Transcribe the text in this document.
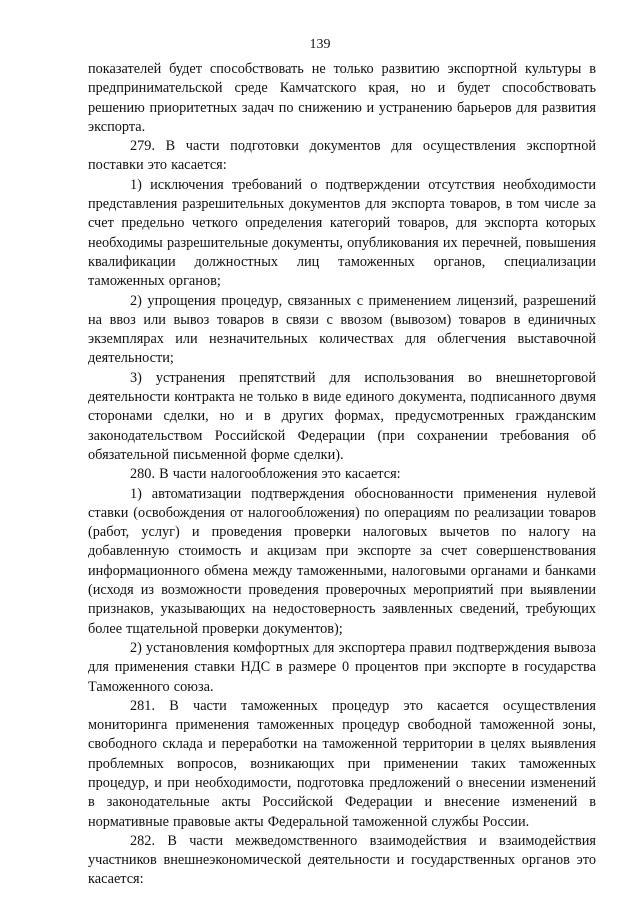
139

показателей будет способствовать не только развитию экспортной культуры в предпринимательской среде Камчатского края, но и будет способствовать решению приоритетных задач по снижению и устранению барьеров для развития экспорта.

279. В части подготовки документов для осуществления экспортной поставки это касается:

1) исключения требований о подтверждении отсутствия необходимости представления разрешительных документов для экспорта товаров, в том числе за счет предельно четкого определения категорий товаров, для экспорта которых необходимы разрешительные документы, опубликования их перечней, повышения квалификации должностных лиц таможенных органов, специализации таможенных органов;

2) упрощения процедур, связанных с применением лицензий, разрешений на ввоз или вывоз товаров в связи с ввозом (вывозом) товаров в единичных экземплярах или незначительных количествах для облегчения выставочной деятельности;

3) устранения препятствий для использования во внешнеторговой деятельности контракта не только в виде единого документа, подписанного двумя сторонами сделки, но и в других формах, предусмотренных гражданским законодательством Российской Федерации (при сохранении требования об обязательной письменной форме сделки).

280. В части налогообложения это касается:

1) автоматизации подтверждения обоснованности применения нулевой ставки (освобождения от налогообложения) по операциям по реализации товаров (работ, услуг) и проведения проверки налоговых вычетов по налогу на добавленную стоимость и акцизам при экспорте за счет совершенствования информационного обмена между таможенными, налоговыми органами и банками (исходя из возможности проведения проверочных мероприятий при выявлении признаков, указывающих на недостоверность заявленных сведений, требующих более тщательной проверки документов);

2) установления комфортных для экспортера правил подтверждения вывоза для применения ставки НДС в размере 0 процентов при экспорте в государства Таможенного союза.

281. В части таможенных процедур это касается осуществления мониторинга применения таможенных процедур свободной таможенной зоны, свободного склада и переработки на таможенной территории в целях выявления проблемных вопросов, возникающих при применении таких таможенных процедур, и при необходимости, подготовка предложений о внесении изменений в законодательные акты Российской Федерации и внесение изменений в нормативные правовые акты Федеральной таможенной службы России.

282. В части межведомственного взаимодействия и взаимодействия участников внешнеэкономической деятельности и государственных органов это касается:
